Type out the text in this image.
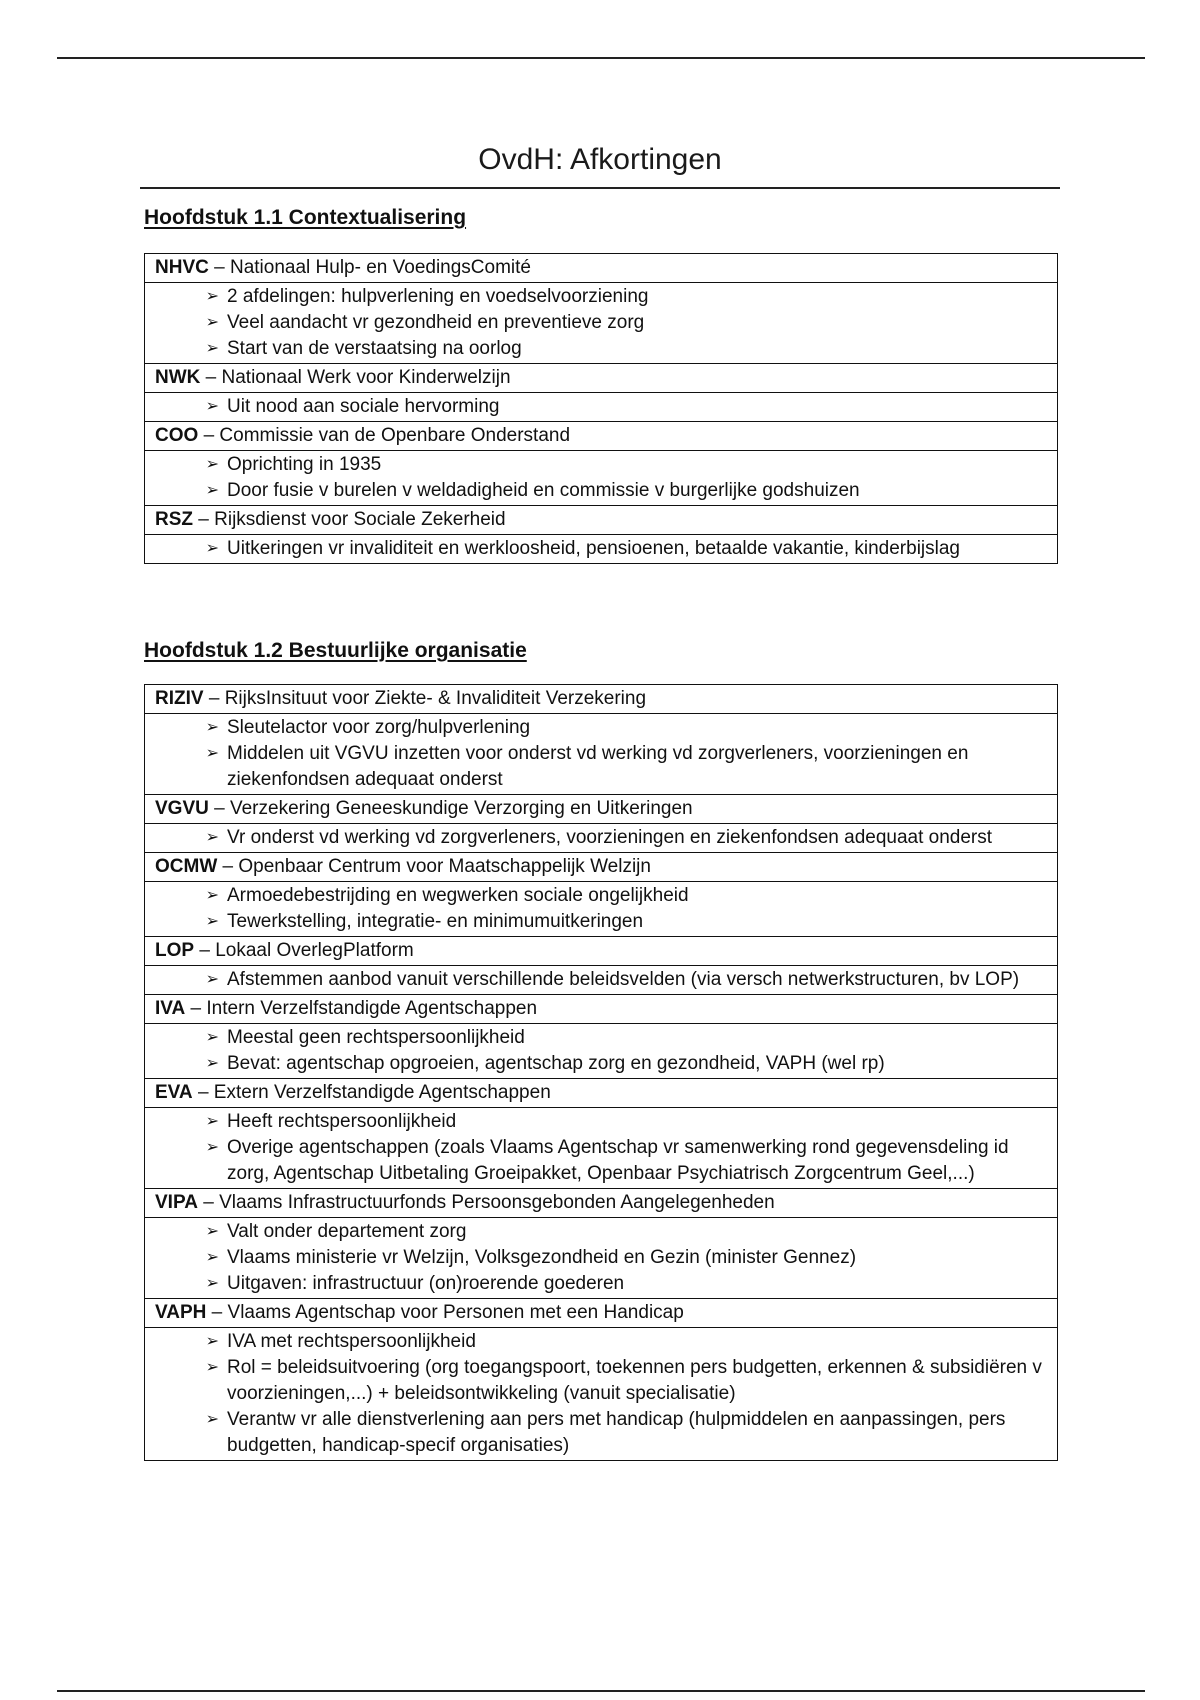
OvdH: Afkortingen
Hoofdstuk 1.1 Contextualisering
NHVC – Nationaal Hulp- en VoedingsComité
➢ 2 afdelingen: hulpverlening en voedselvoorziening
➢ Veel aandacht vr gezondheid en preventieve zorg
➢ Start van de verstaatsing na oorlog
NWK – Nationaal Werk voor Kinderwelzijn
➢ Uit nood aan sociale hervorming
COO – Commissie van de Openbare Onderstand
➢ Oprichting in 1935
➢ Door fusie v burelen v weldadigheid en commissie v burgerlijke godshuizen
RSZ – Rijksdienst voor Sociale Zekerheid
➢ Uitkeringen vr invaliditeit en werkloosheid, pensioenen, betaalde vakantie, kinderbijslag
Hoofdstuk 1.2 Bestuurlijke organisatie
RIZIV – RijksInsituut voor Ziekte- & Invaliditeit Verzekering
➢ Sleutelactor voor zorg/hulpverlening
➢ Middelen uit VGVU inzetten voor onderst vd werking vd zorgverleners, voorzieningen en ziekenfondsen adequaat onderst
VGVU – Verzekering Geneeskundige Verzorging en Uitkeringen
➢ Vr onderst vd werking vd zorgverleners, voorzieningen en ziekenfondsen adequaat onderst
OCMW – Openbaar Centrum voor Maatschappelijk Welzijn
➢ Armoedebestrijding en wegwerken sociale ongelijkheid
➢ Tewerkstelling, integratie- en minimumuitkeringen
LOP – Lokaal OverlegPlatform
➢ Afstemmen aanbod vanuit verschillende beleidsvelden (via versch netwerkstructuren, bv LOP)
IVA – Intern Verzelfstandigde Agentschappen
➢ Meestal geen rechtspersoonlijkheid
➢ Bevat: agentschap opgroeien, agentschap zorg en gezondheid, VAPH (wel rp)
EVA – Extern Verzelfstandigde Agentschappen
➢ Heeft rechtspersoonlijkheid
➢ Overige agentschappen (zoals Vlaams Agentschap vr samenwerking rond gegevensdeling id zorg, Agentschap Uitbetaling Groeipakket, Openbaar Psychiatrisch Zorgcentrum Geel,...)
VIPA – Vlaams Infrastructuurfonds Persoonsgebonden Aangelegenheden
➢ Valt onder departement zorg
➢ Vlaams ministerie vr Welzijn, Volksgezondheid en Gezin (minister Gennez)
➢ Uitgaven: infrastructuur (on)roerende goederen
VAPH – Vlaams Agentschap voor Personen met een Handicap
➢ IVA met rechtspersoonlijkheid
➢ Rol = beleidsuitvoering (org toegangspoort, toekennen pers budgetten, erkennen & subsidiëren v voorzieningen,...) + beleidsontwikkeling (vanuit specialisatie)
➢ Verantw vr alle dienstverlening aan pers met handicap (hulpmiddelen en aanpassingen, pers budgetten, handicap-specif organisaties)
